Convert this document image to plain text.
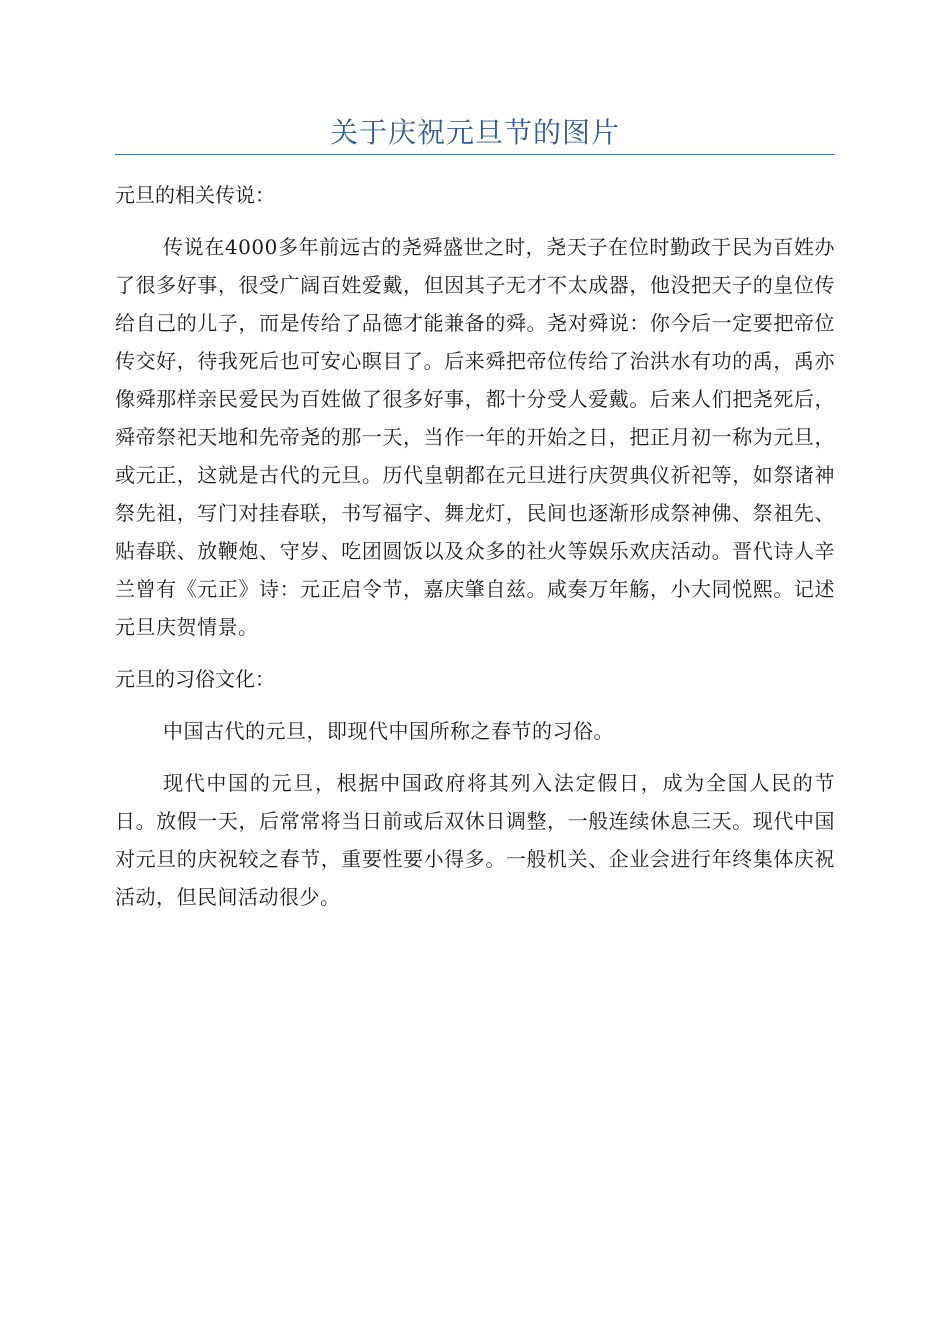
关于庆祝元旦节的图片
元旦的相关传说：

传说在4000多年前远古的尧舜盛世之时，尧天子在位时勤政于民为百姓办了很多好事，很受广阔百姓爱戴，但因其子无才不太成器，他没把天子的皇位传给自己的儿子，而是传给了品德才能兼备的舜。尧对舜说：你今后一定要把帝位传交好，待我死后也可安心瞑目了。后来舜把帝位传给了治洪水有功的禹，禹亦像舜那样亲民爱民为百姓做了很多好事，都十分受人爱戴。后来人们把尧死后，舜帝祭祀天地和先帝尧的那一天，当作一年的开始之日，把正月初一称为元旦，或元正，这就是古代的元旦。历代皇朝都在元旦进行庆贺典仪祈祀等，如祭诸神祭先祖，写门对挂春联，书写福字、舞龙灯，民间也逐渐形成祭神佛、祭祖先、贴春联、放鞭炮、守岁、吃团圆饭以及众多的社火等娱乐欢庆活动。晋代诗人辛兰曾有《元正》诗：元正启令节，嘉庆肇自兹。咸奏万年觞，小大同悦熙。记述元旦庆贺情景。

元旦的习俗文化：

中国古代的元旦，即现代中国所称之春节的习俗。

现代中国的元旦，根据中国政府将其列入法定假日，成为全国人民的节日。放假一天，后常常将当日前或后双休日调整，一般连续休息三天。现代中国对元旦的庆祝较之春节，重要性要小得多。一般机关、企业会进行年终集体庆祝活动，但民间活动很少。
